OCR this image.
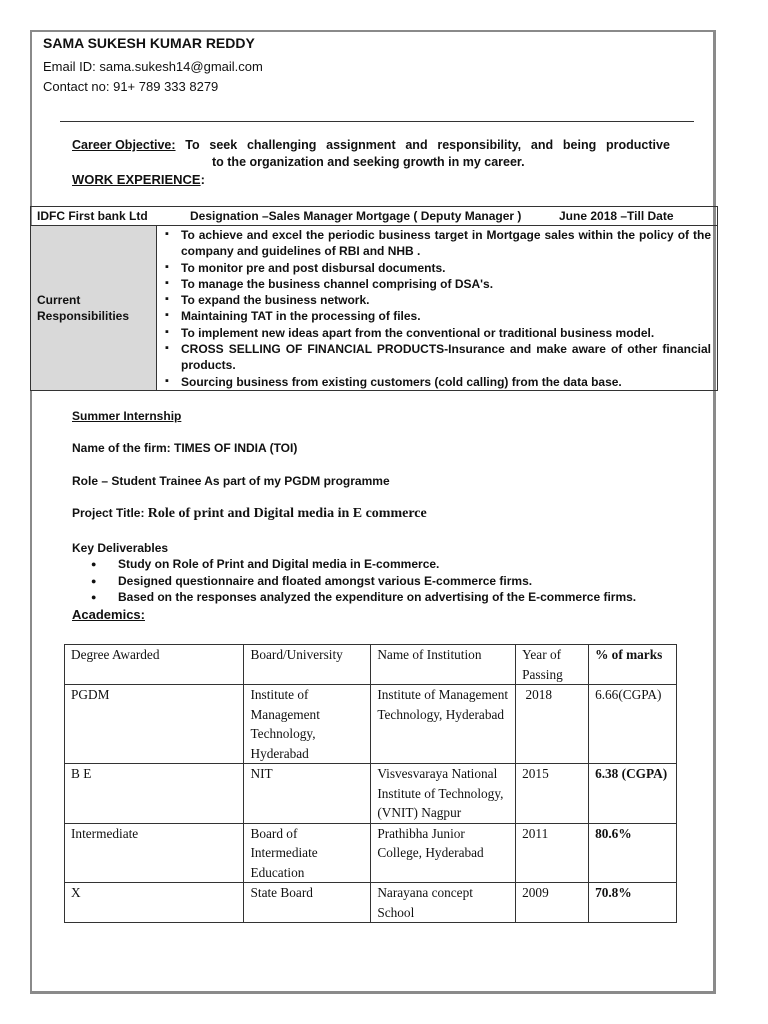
SAMA SUKESH KUMAR REDDY
Email ID: sama.sukesh14@gmail.com
Contact no: 91+ 789 333 8279
Career Objective: To seek challenging assignment and responsibility, and being productive
to the organization and seeking growth in my career.
WORK EXPERIENCE:
IDFC First bank Ltd	Designation –Sales Manager Mortgage ( Deputy Manager )	June 2018 –Till Date
Current Responsibilities
▪ To achieve and excel the periodic business target in Mortgage sales within the policy of the company and guidelines of RBI and NHB .
▪ To monitor pre and post disbursal documents.
▪ To manage the business channel comprising of DSA's.
▪ To expand the business network.
▪ Maintaining TAT in the processing of files.
▪ To implement new ideas apart from the conventional or traditional business model.
▪ CROSS SELLING OF FINANCIAL PRODUCTS-Insurance and make aware of other financial products.
▪ Sourcing business from existing customers (cold calling) from the data base.
Summer Internship
Name of the firm: TIMES OF INDIA (TOI)
Role – Student Trainee As part of my PGDM programme
Project Title: Role of print and Digital media in E commerce
Key Deliverables
● Study on Role of Print and Digital media in E-commerce.
● Designed questionnaire and floated amongst various E-commerce firms.
● Based on the responses analyzed the expenditure on advertising of the E-commerce firms.
Academics:
Degree Awarded	Board/University	Name of Institution	Year of Passing	% of marks
PGDM	Institute of Management Technology, Hyderabad	Institute of Management Technology, Hyderabad	2018	6.66(CGPA)
B E	NIT	Visvesvaraya National Institute of Technology, (VNIT) Nagpur	2015	6.38 (CGPA)
Intermediate	Board of Intermediate Education	Prathibha Junior College, Hyderabad	2011	80.6%
X	State Board	Narayana concept School	2009	70.8%
